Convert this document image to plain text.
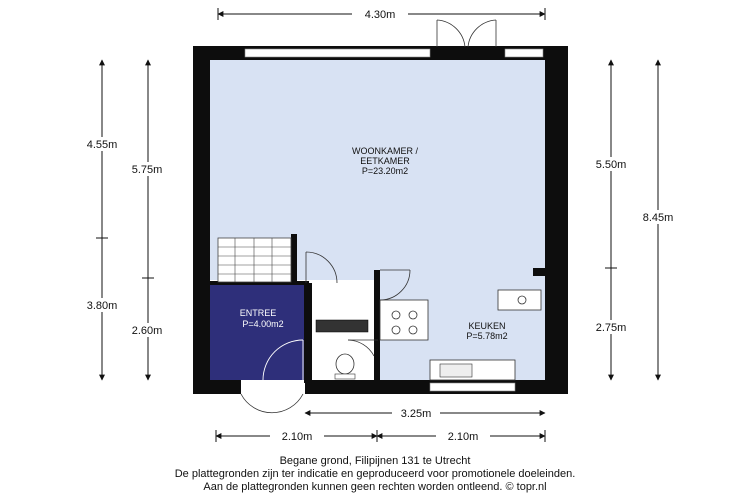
4.30m
4.55m
5.75m
3.80m
2.60m
5.50m
8.45m
2.75m
3.25m
2.10m	2.10m
WOONKAMER /
EETKAMER
P=23.20m2
ENTREE
P=4.00m2	KEUKEN
P=5.78m2
Begane grond, Filipijnen 131 te Utrecht
De plattegronden zijn ter indicatie en geproduceerd voor promotionele doeleinden.
Aan de plattegronden kunnen geen rechten worden ontleend. © topr.nl
